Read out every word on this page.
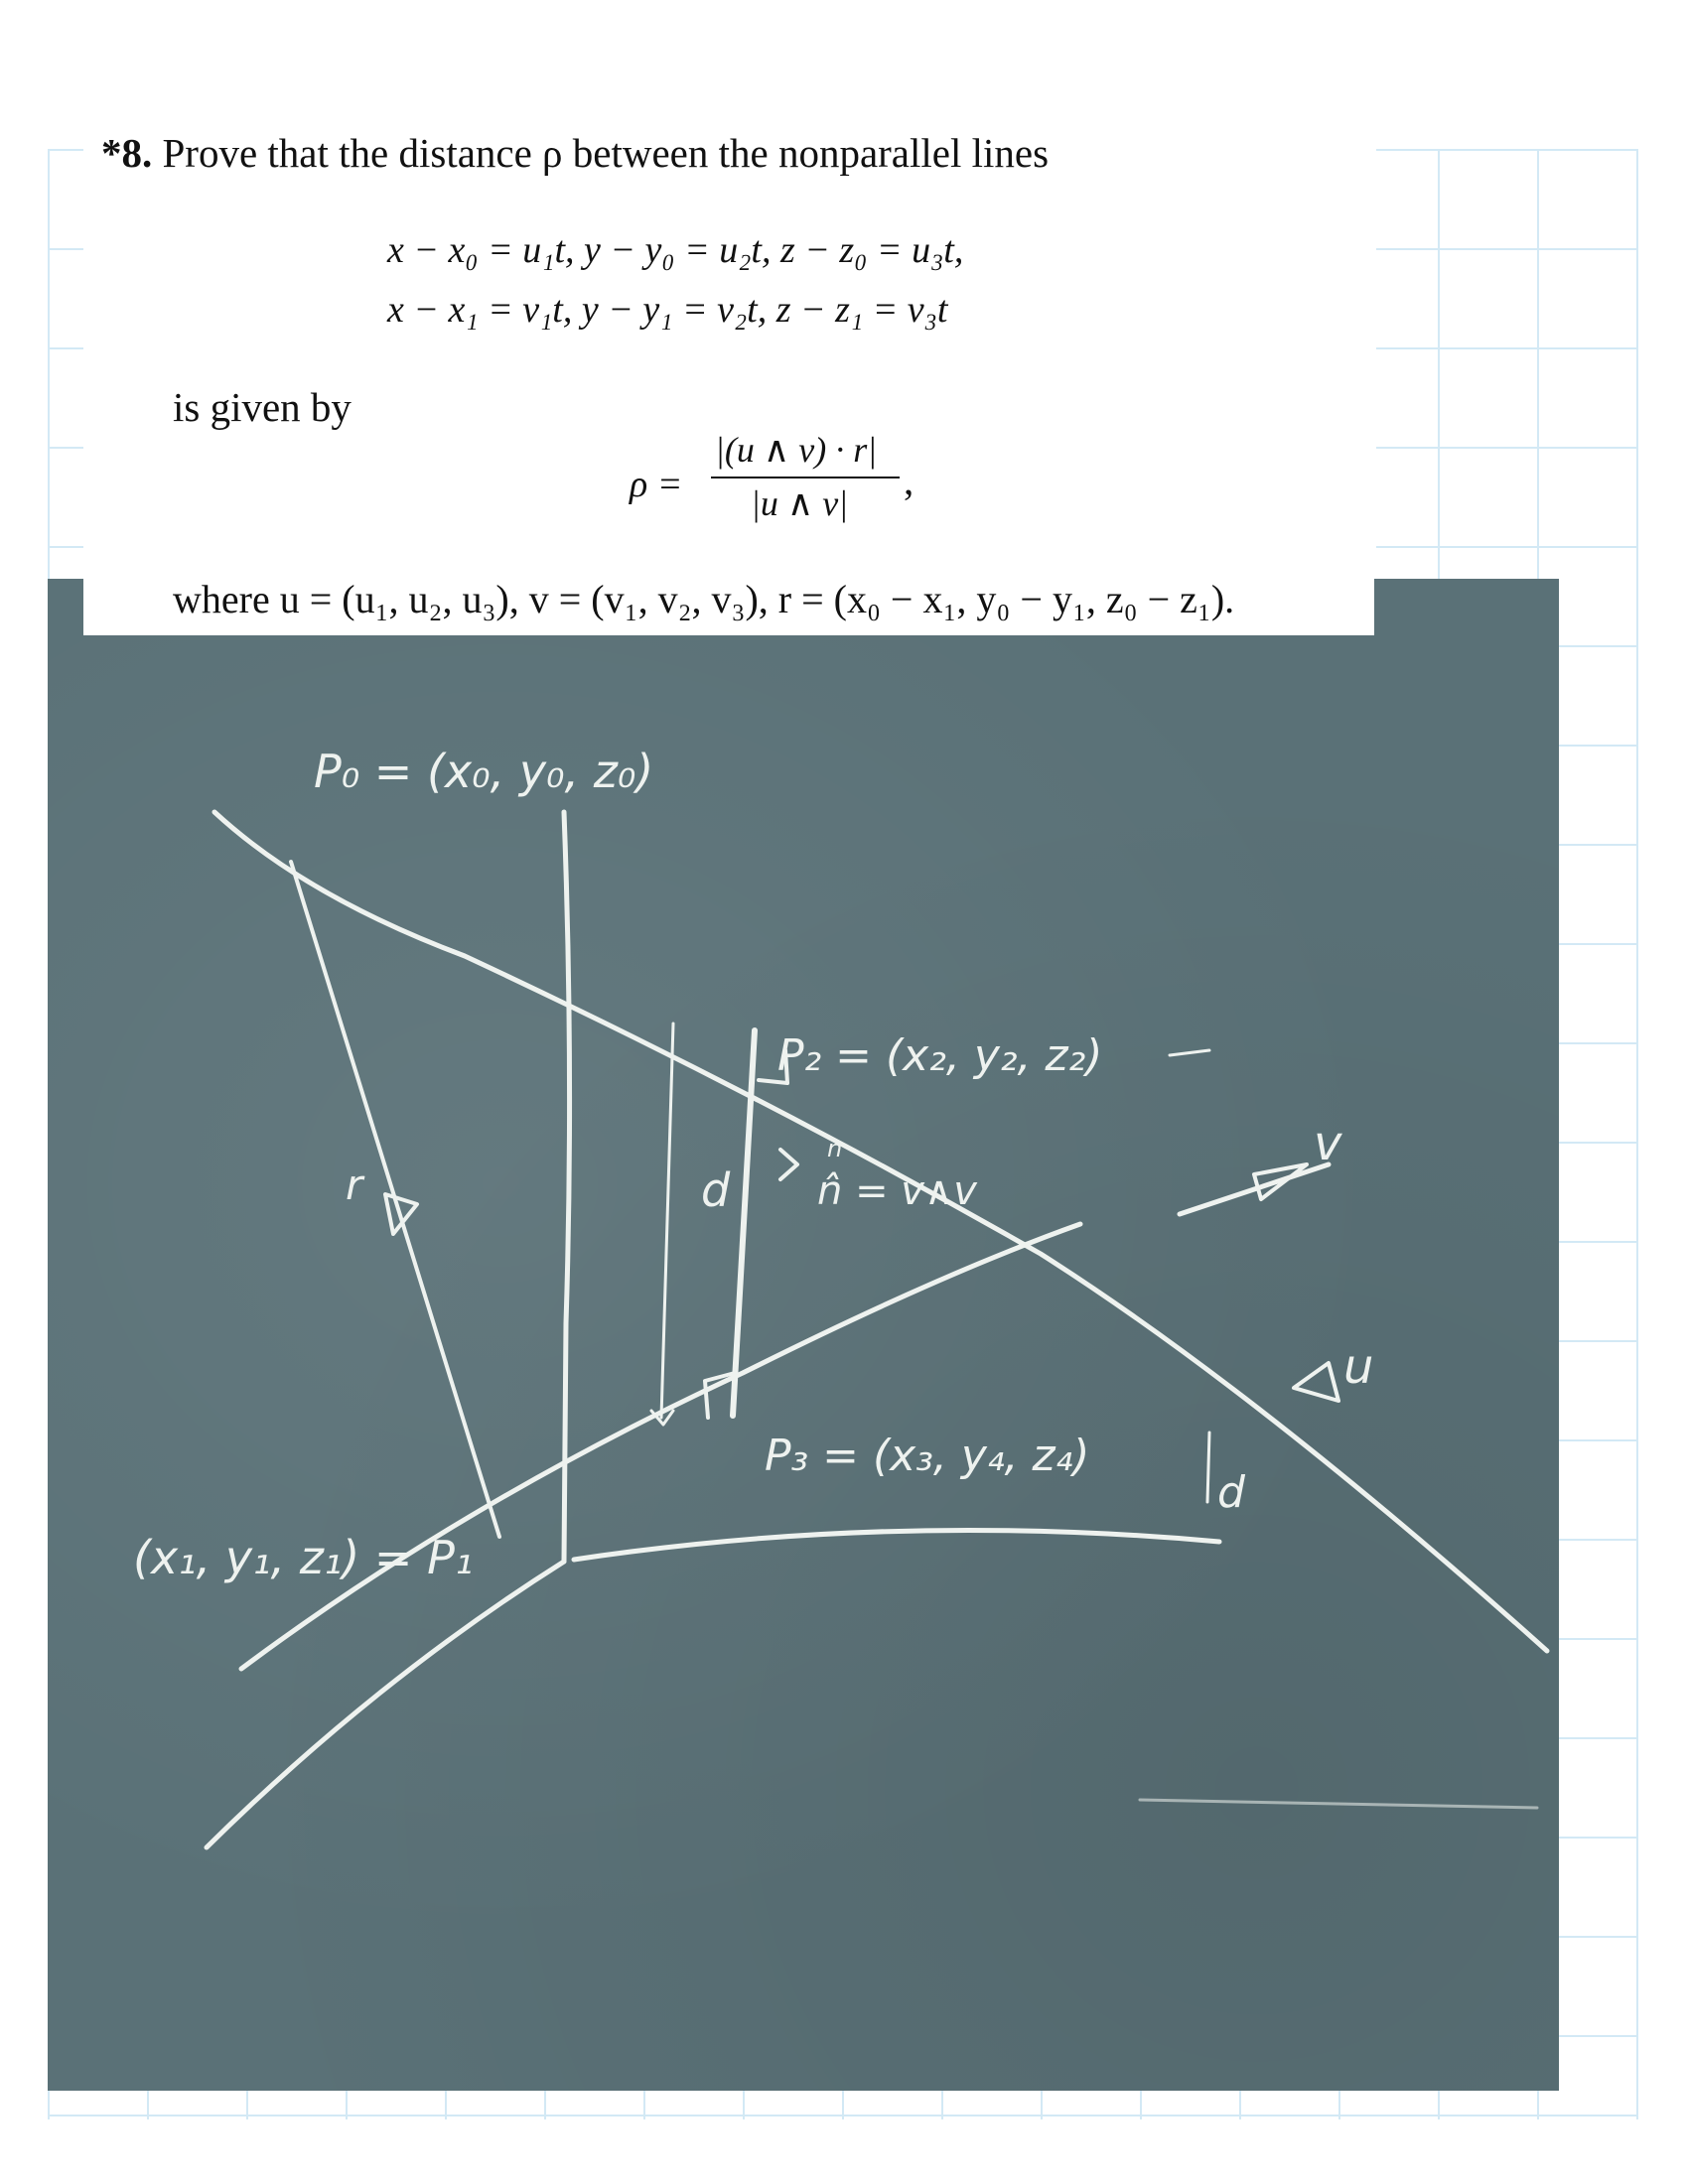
P₀ = (x₀, y₀, z₀)
P₂ = (x₂, y₂, z₂)
P₃ = (x₃, y₄, z₄)
(x₁, y₁, z₁) = P₁
n
n̂ = v∧v
d
d
r
v
u
*8. Prove that the distance ρ between the nonparallel lines
x − x₀ = u₁t, y − y₀ = u₂t, z − z₀ = u₃t,
x − x₁ = v₁t, y − y₁ = v₂t, z − z₁ = v₃t
is given by
ρ =
|(u ∧ v) · r|
|u ∧ v| ,
where u = (u₁, u₂, u₃), v = (v₁, v₂, v₃), r = (x₀ − x₁, y₀ − y₁, z₀ − z₁).
